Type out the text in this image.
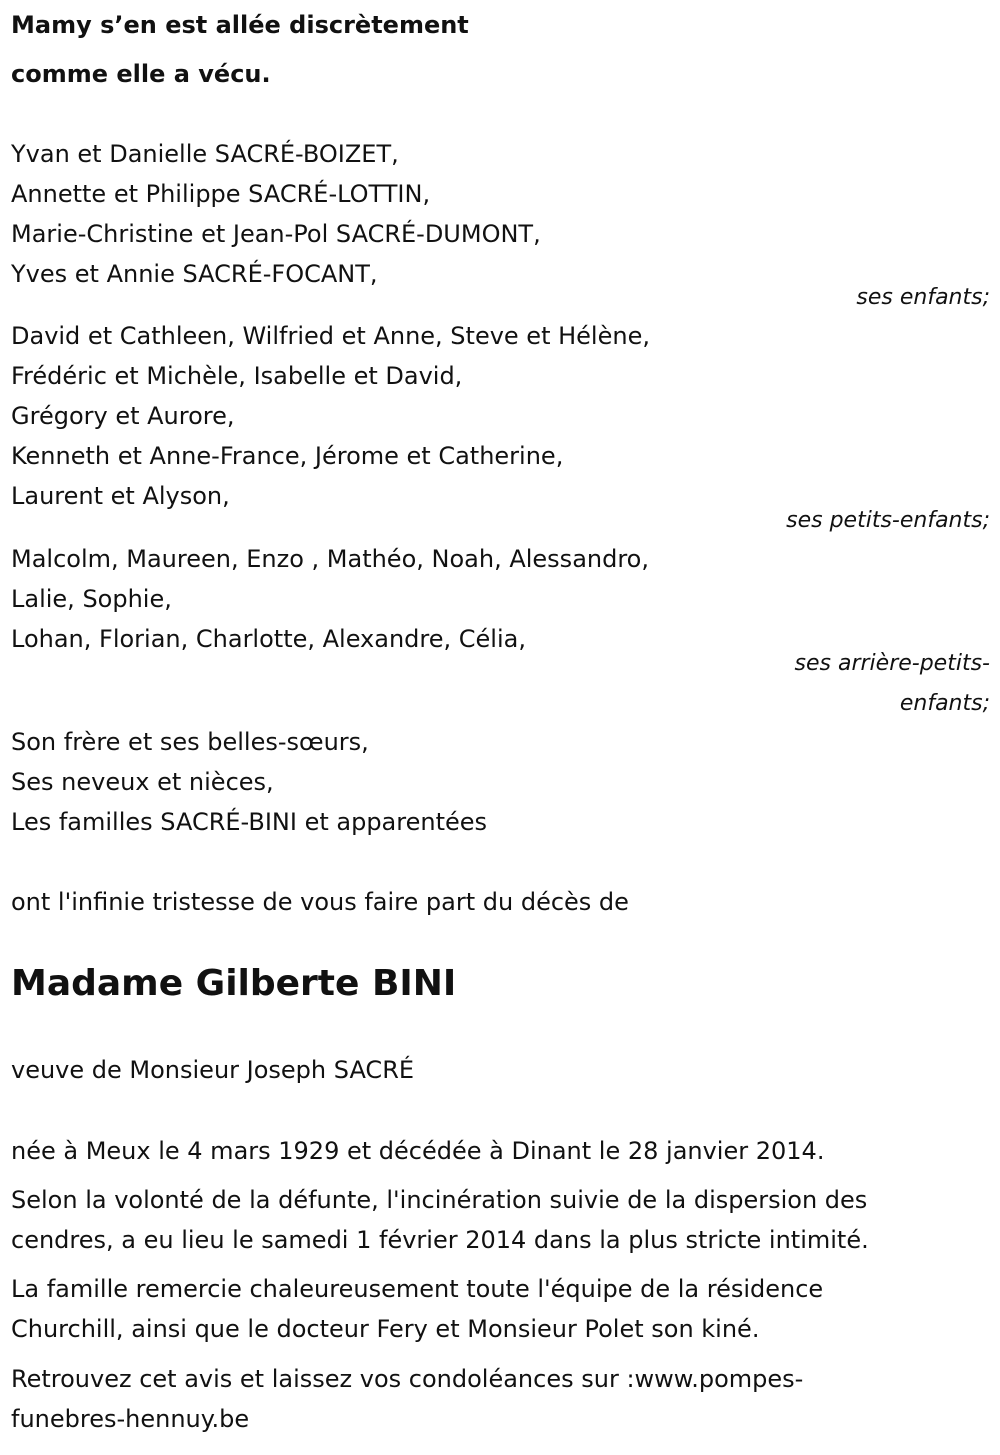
Mamy s’en est allée discrètement

comme elle a vécu.

Yvan et Danielle SACRÉ-BOIZET,

Annette et Philippe SACRÉ-LOTTIN,

Marie-Christine et Jean-Pol SACRÉ-DUMONT,

Yves et Annie SACRÉ-FOCANT,

ses enfants;

David et Cathleen, Wilfried et Anne, Steve et Hélène,

Frédéric et Michèle, Isabelle et David,

Grégory et Aurore,

Kenneth et Anne-France, Jérome et Catherine,

Laurent et Alyson,

ses petits-enfants;

Malcolm, Maureen, Enzo , Mathéo, Noah, Alessandro,

Lalie, Sophie,

Lohan, Florian, Charlotte, Alexandre, Célia,

ses arrière-petits-
enfants;

Son frère et ses belles-sœurs,

Ses neveux et nièces,

Les familles SACRÉ-BINI et apparentées

ont l'infinie tristesse de vous faire part du décès de

Madame Gilberte BINI

veuve de Monsieur Joseph SACRÉ

née à Meux le 4 mars 1929 et décédée à Dinant le 28 janvier 2014.

Selon la volonté de la défunte, l'incinération suivie de la dispersion des

cendres, a eu lieu le samedi 1 février 2014 dans la plus stricte intimité.

La famille remercie chaleureusement toute l'équipe de la résidence

Churchill, ainsi que le docteur Fery et Monsieur Polet son kiné.

Retrouvez cet avis et laissez vos condoléances sur :www.pompes-

funebres-hennuy.be
